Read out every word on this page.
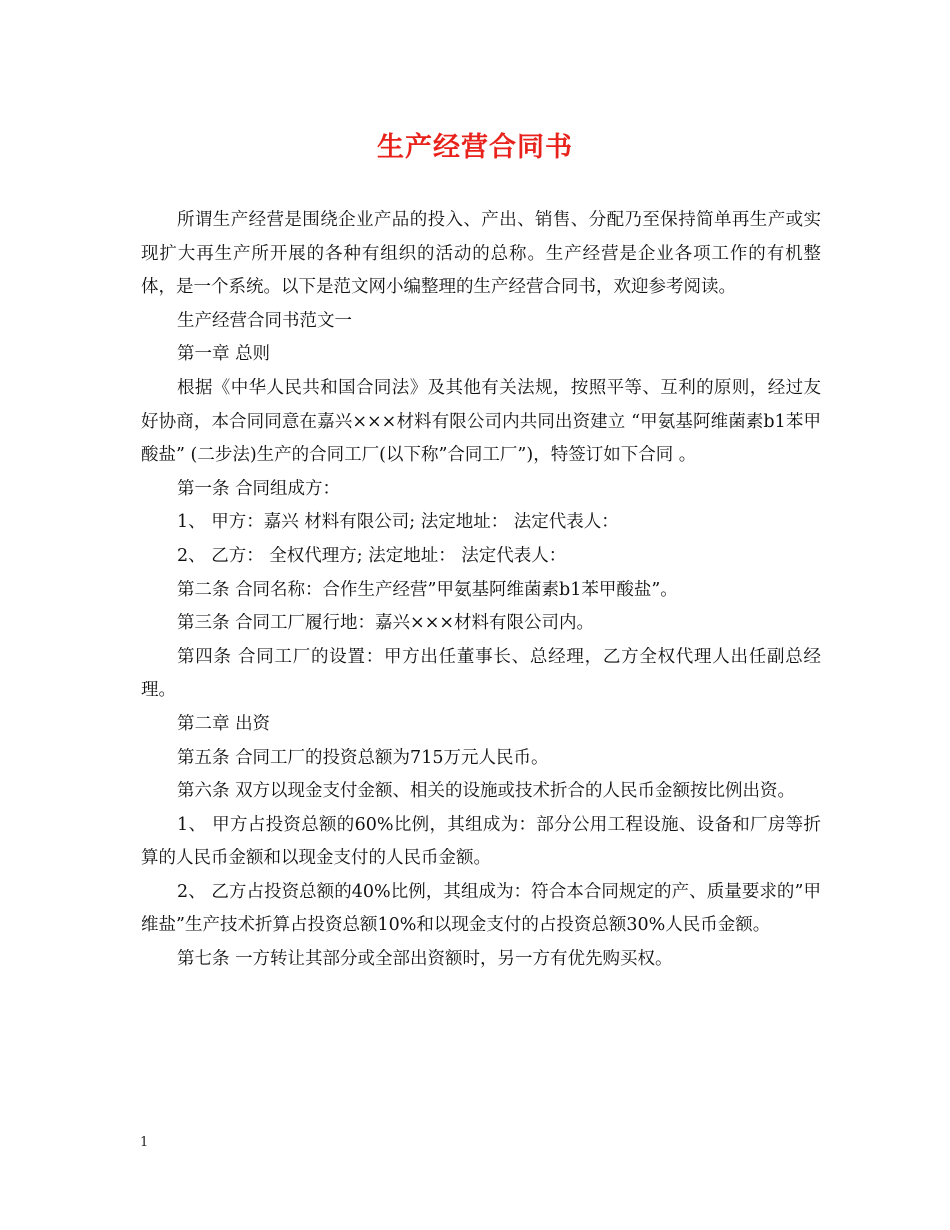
生产经营合同书

所谓生产经营是围绕企业产品的投入、产出、销售、分配乃至保持简单再生产或实现扩大再生产所开展的各种有组织的活动的总称。生产经营是企业各项工作的有机整体，是一个系统。以下是范文网小编整理的生产经营合同书，欢迎参考阅读。

生产经营合同书范文一

第一章 总则

根据《中华人民共和国合同法》及其他有关法规，按照平等、互利的原则，经过友好协商，本合同同意在嘉兴×××材料有限公司内共同出资建立 “甲氨基阿维菌素b1苯甲酸盐” (二步法)生产的合同工厂(以下称”合同工厂”)，特签订如下合同 。

第一条 合同组成方：

1、 甲方：嘉兴 材料有限公司; 法定地址： 法定代表人：

2、 乙方： 全权代理方; 法定地址： 法定代表人：

第二条 合同名称：合作生产经营”甲氨基阿维菌素b1苯甲酸盐”。

第三条 合同工厂履行地：嘉兴×××材料有限公司内。

第四条 合同工厂的设置：甲方出任董事长、总经理，乙方全权代理人出任副总经理。

第二章 出资

第五条 合同工厂的投资总额为715万元人民币。

第六条 双方以现金支付金额、相关的设施或技术折合的人民币金额按比例出资。

1、 甲方占投资总额的60%比例，其组成为：部分公用工程设施、设备和厂房等折算的人民币金额和以现金支付的人民币金额。

2、 乙方占投资总额的40%比例，其组成为：符合本合同规定的产、质量要求的”甲维盐”生产技术折算占投资总额10%和以现金支付的占投资总额30%人民币金额。

第七条 一方转让其部分或全部出资额时，另一方有优先购买权。

1
